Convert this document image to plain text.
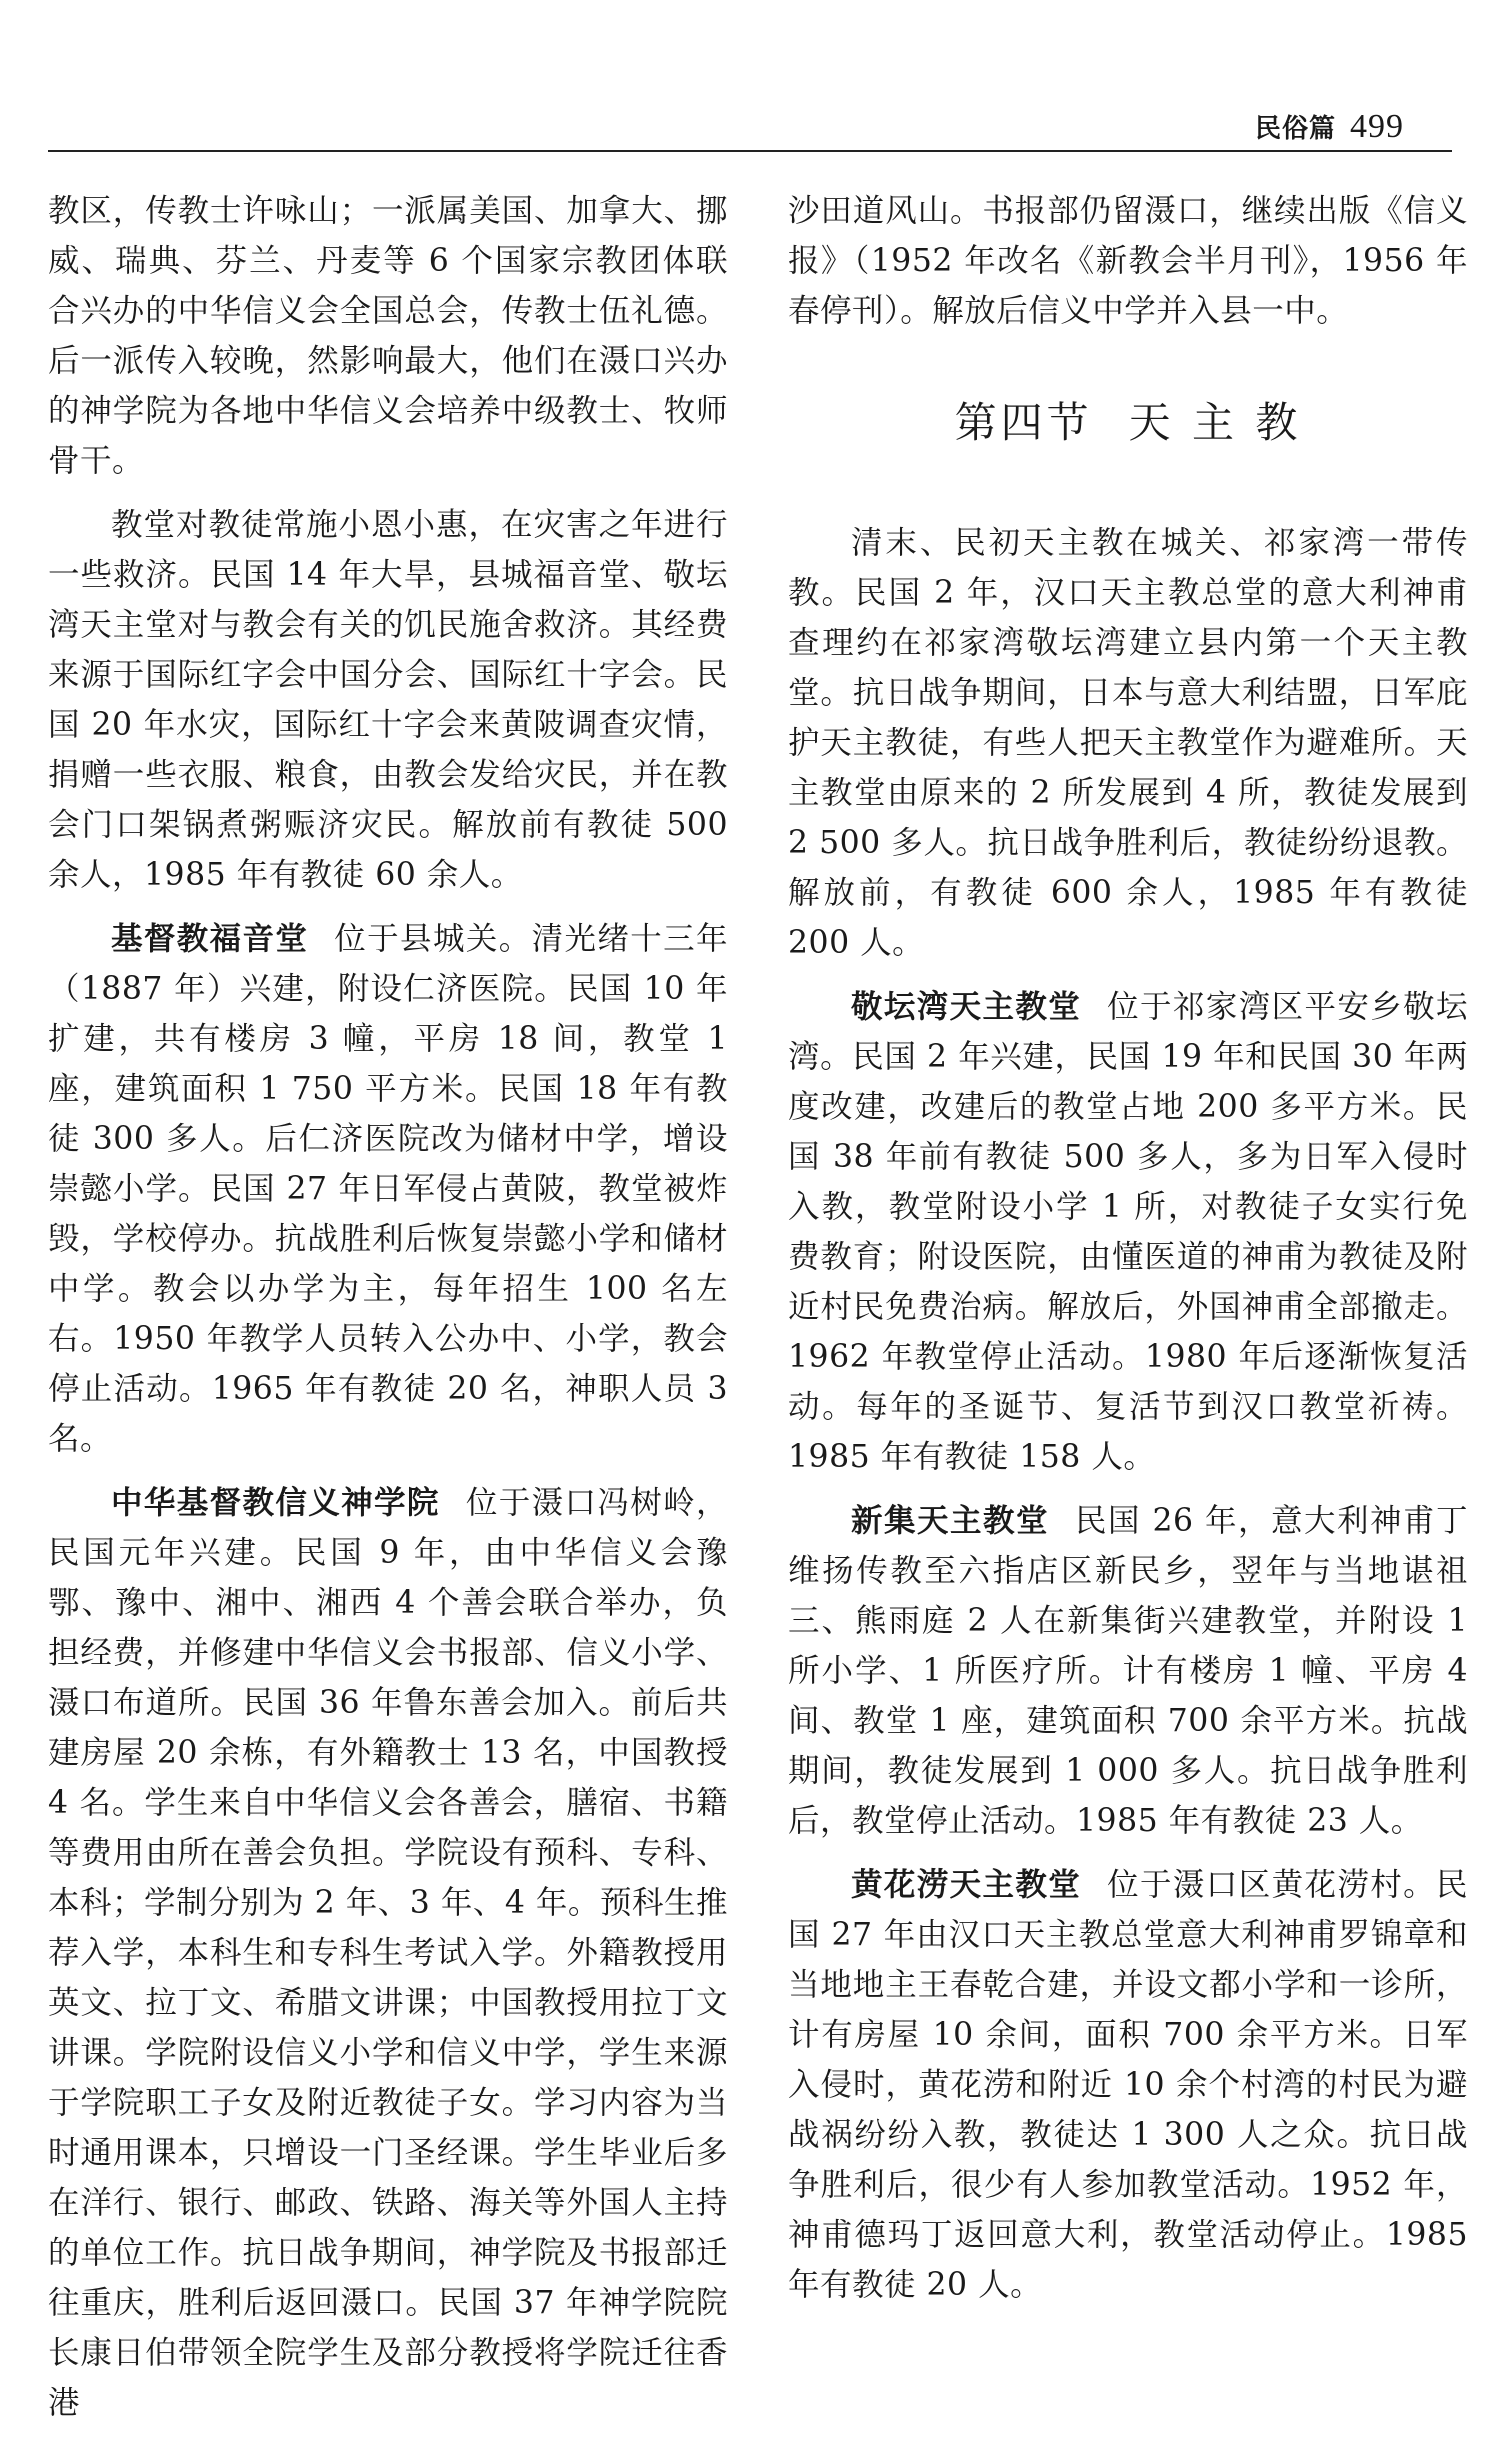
民俗篇 499

教区，传教士许咏山；一派属美国、加拿大、挪威、瑞典、芬兰、丹麦等 6 个国家宗教团体联合兴办的中华信义会全国总会，传教士伍礼德。后一派传入较晚，然影响最大，他们在滠口兴办的神学院为各地中华信义会培养中级教士、牧师骨干。

教堂对教徒常施小恩小惠，在灾害之年进行一些救济。民国 14 年大旱，县城福音堂、敬坛湾天主堂对与教会有关的饥民施舍救济。其经费来源于国际红字会中国分会、国际红十字会。民国 20 年水灾，国际红十字会来黄陂调查灾情，捐赠一些衣服、粮食，由教会发给灾民，并在教会门口架锅煮粥赈济灾民。解放前有教徒 500 余人，1985 年有教徒 60 余人。

基督教福音堂 位于县城关。清光绪十三年（1887 年）兴建，附设仁济医院。民国 10 年扩建，共有楼房 3 幢，平房 18 间，教堂 1 座，建筑面积 1 750 平方米。民国 18 年有教徒 300 多人。后仁济医院改为储材中学，增设崇懿小学。民国 27 年日军侵占黄陂，教堂被炸毁，学校停办。抗战胜利后恢复崇懿小学和储材中学。教会以办学为主，每年招生 100 名左右。1950 年教学人员转入公办中、小学，教会停止活动。1965 年有教徒 20 名，神职人员 3 名。

中华基督教信义神学院 位于滠口冯树岭，民国元年兴建。民国 9 年，由中华信义会豫鄂、豫中、湘中、湘西 4 个善会联合举办，负担经费，并修建中华信义会书报部、信义小学、滠口布道所。民国 36 年鲁东善会加入。前后共建房屋 20 余栋，有外籍教士 13 名，中国教授 4 名。学生来自中华信义会各善会，膳宿、书籍等费用由所在善会负担。学院设有预科、专科、本科；学制分别为 2 年、3 年、4 年。预科生推荐入学，本科生和专科生考试入学。外籍教授用英文、拉丁文、希腊文讲课；中国教授用拉丁文讲课。学院附设信义小学和信义中学，学生来源于学院职工子女及附近教徒子女。学习内容为当时通用课本，只增设一门圣经课。学生毕业后多在洋行、银行、邮政、铁路、海关等外国人主持的单位工作。抗日战争期间，神学院及书报部迁往重庆，胜利后返回滠口。民国 37 年神学院院长康日伯带领全院学生及部分教授将学院迁往香港

沙田道风山。书报部仍留滠口，继续出版《信义报》（1952 年改名《新教会半月刊》，1956 年春停刊）。解放后信义中学并入县一中。

第四节 天 主 教

清末、民初天主教在城关、祁家湾一带传教。民国 2 年，汉口天主教总堂的意大利神甫查理约在祁家湾敬坛湾建立县内第一个天主教堂。抗日战争期间，日本与意大利结盟，日军庇护天主教徒，有些人把天主教堂作为避难所。天主教堂由原来的 2 所发展到 4 所，教徒发展到 2 500 多人。抗日战争胜利后，教徒纷纷退教。解放前，有教徒 600 余人，1985 年有教徒 200 人。

敬坛湾天主教堂 位于祁家湾区平安乡敬坛湾。民国 2 年兴建，民国 19 年和民国 30 年两度改建，改建后的教堂占地 200 多平方米。民国 38 年前有教徒 500 多人，多为日军入侵时入教，教堂附设小学 1 所，对教徒子女实行免费教育；附设医院，由懂医道的神甫为教徒及附近村民免费治病。解放后，外国神甫全部撤走。1962 年教堂停止活动。1980 年后逐渐恢复活动。每年的圣诞节、复活节到汉口教堂祈祷。1985 年有教徒 158 人。

新集天主教堂 民国 26 年，意大利神甫丁维扬传教至六指店区新民乡，翌年与当地谌祖三、熊雨庭 2 人在新集街兴建教堂，并附设 1 所小学、1 所医疗所。计有楼房 1 幢、平房 4 间、教堂 1 座，建筑面积 700 余平方米。抗战期间，教徒发展到 1 000 多人。抗日战争胜利后，教堂停止活动。1985 年有教徒 23 人。

黄花涝天主教堂 位于滠口区黄花涝村。民国 27 年由汉口天主教总堂意大利神甫罗锦章和当地地主王春乾合建，并设文都小学和一诊所，计有房屋 10 余间，面积 700 余平方米。日军入侵时，黄花涝和附近 10 余个村湾的村民为避战祸纷纷入教，教徒达 1 300 人之众。抗日战争胜利后，很少有人参加教堂活动。1952 年，神甫德玛丁返回意大利，教堂活动停止。1985 年有教徒 20 人。
